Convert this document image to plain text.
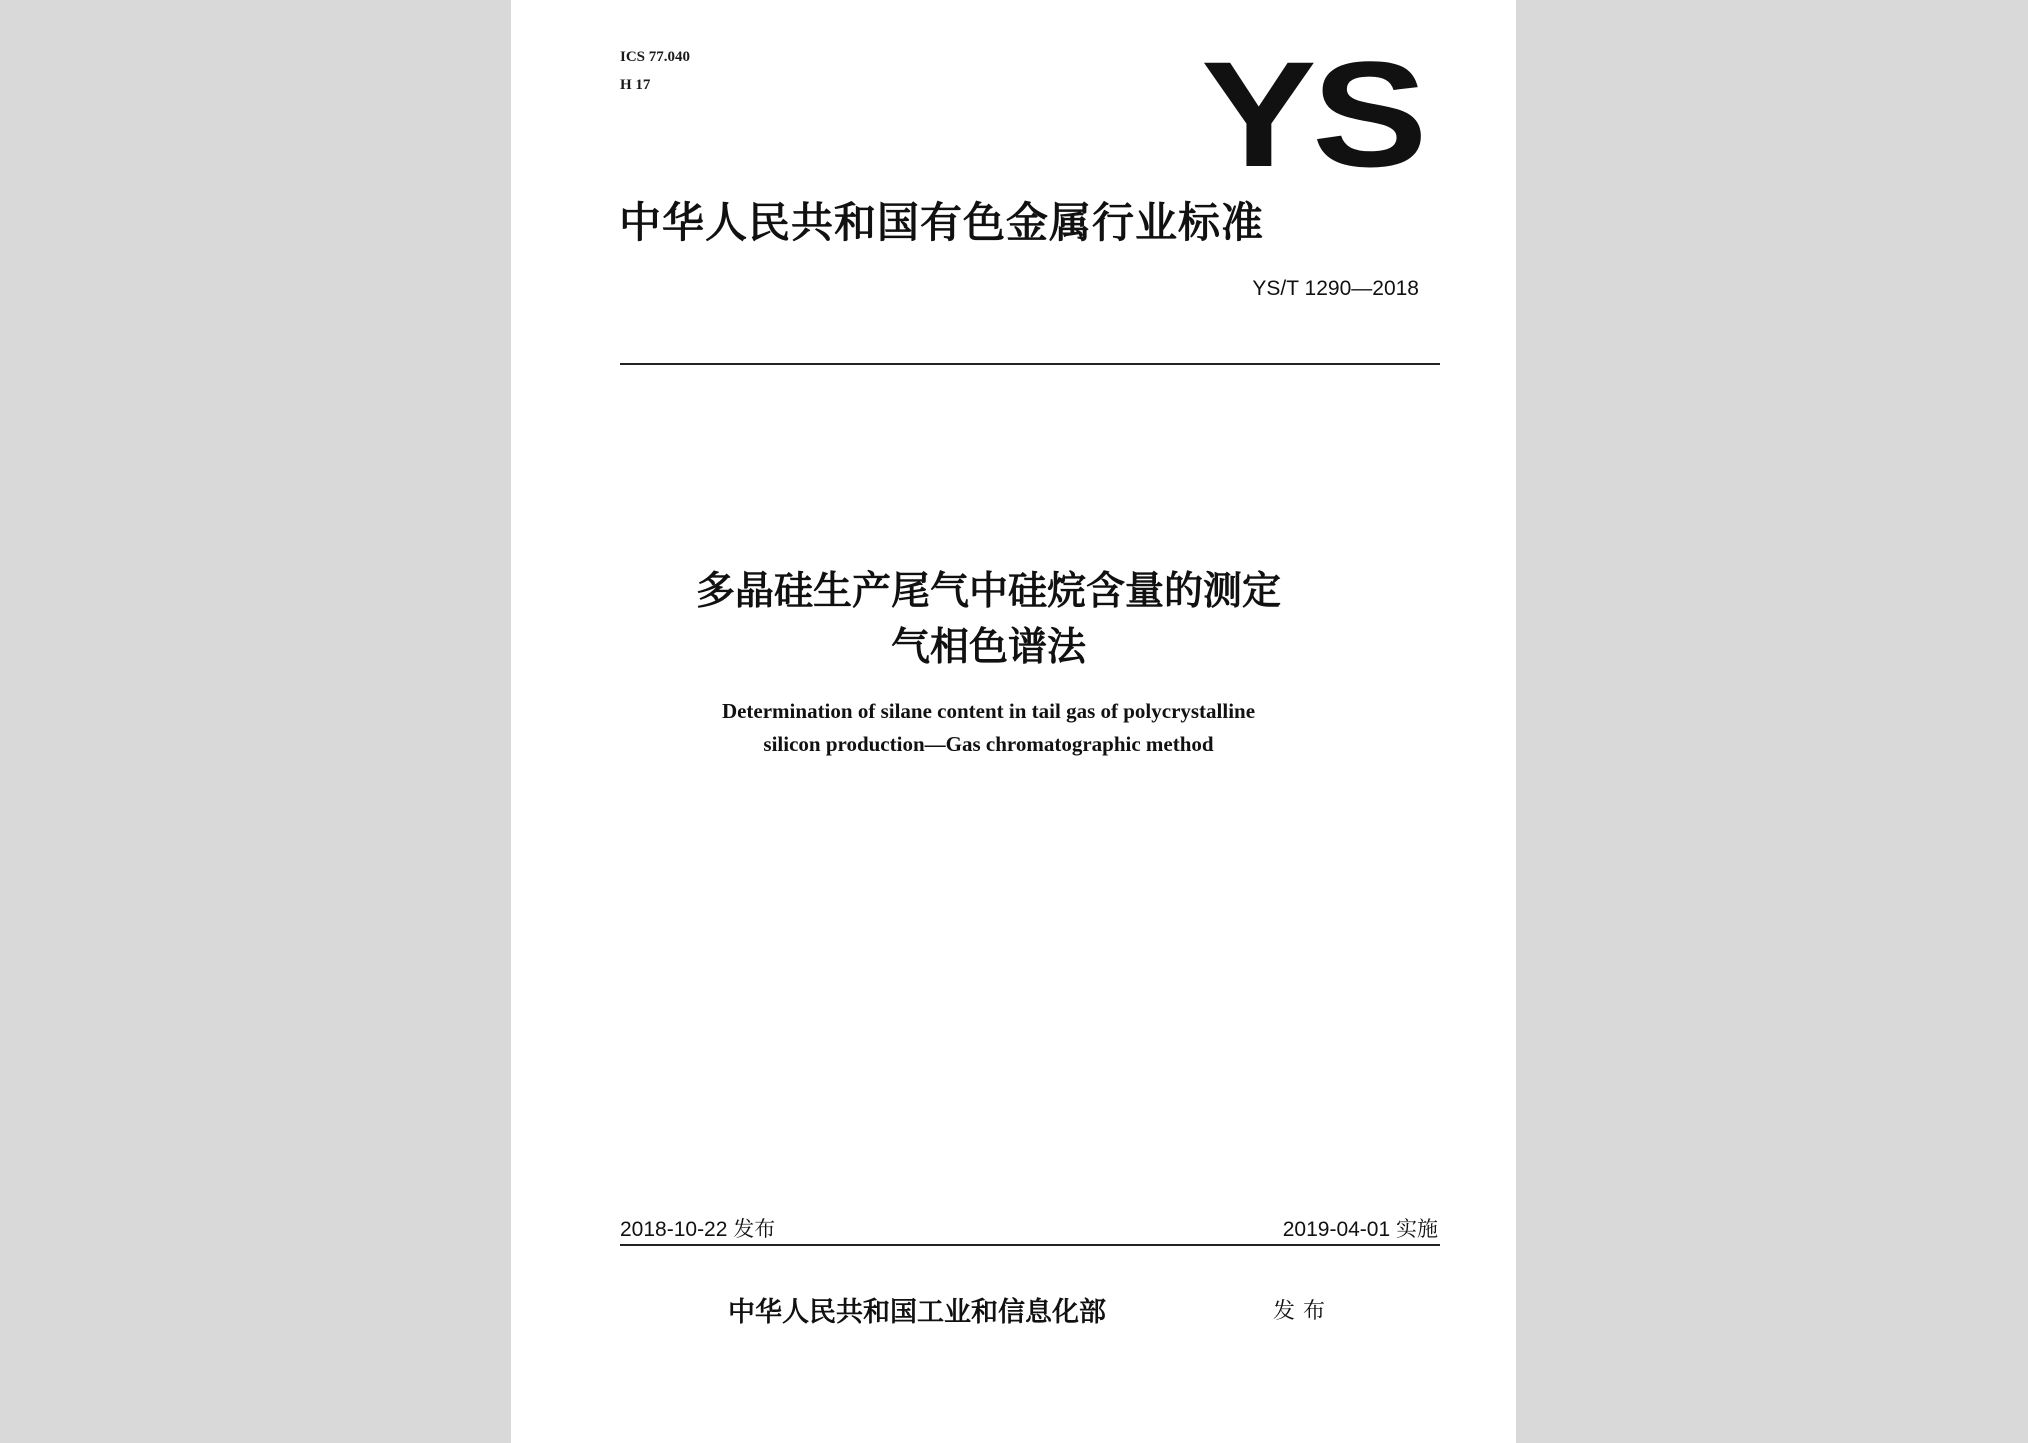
ICS 77.040
H 17	YS
中华人民共和国有色金属行业标准
YS/T 1290—2018
多晶硅生产尾气中硅烷含量的测定
气相色谱法
Determination of silane content in tail gas of polycrystalline
silicon production—Gas chromatographic method
2018-10-22 发布	2019-04-01 实施
中华人民共和国工业和信息化部	发布
